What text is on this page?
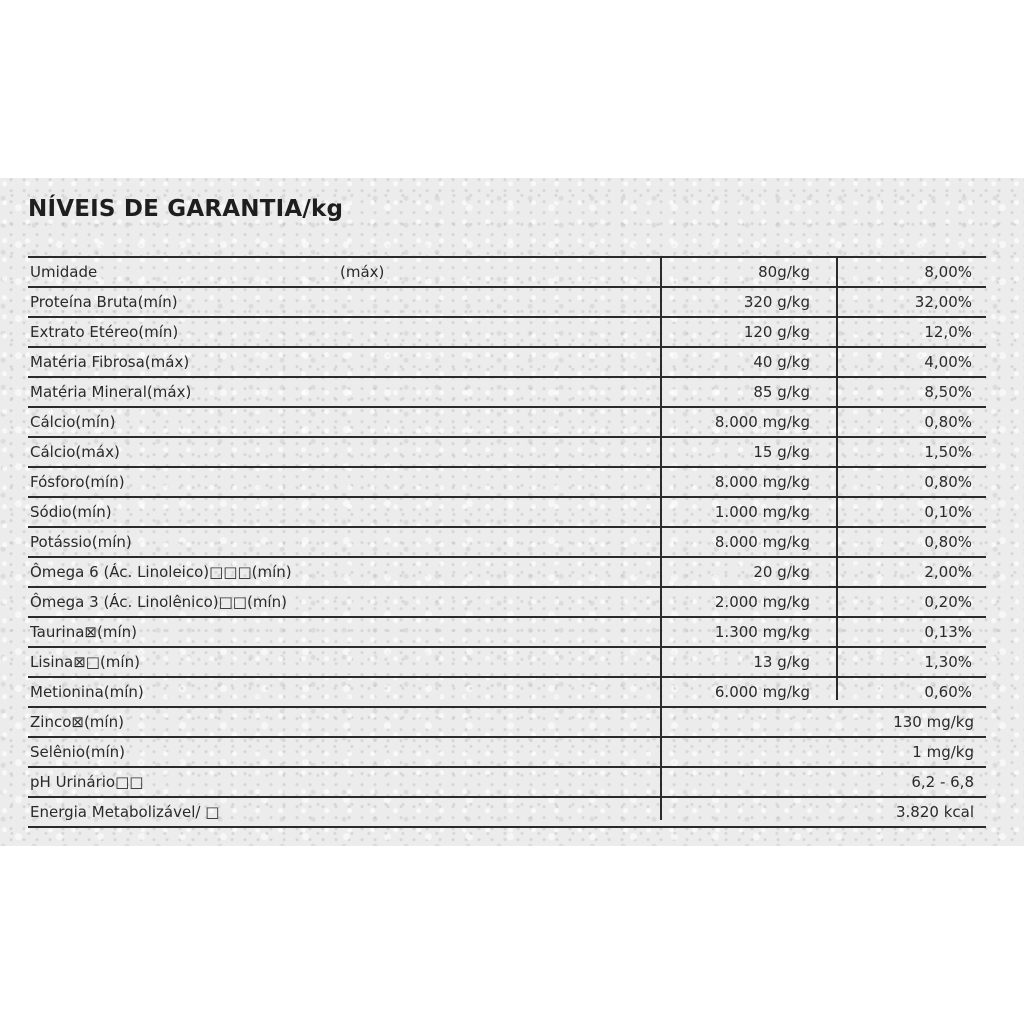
NÍVEIS DE GARANTIA/kg
Umidade	(máx)	80g/kg	8,00%
Proteína Bruta(mín)	320 g/kg	32,00%
Extrato Etéreo(mín)	120 g/kg	12,0%
Matéria Fibrosa(máx)	40 g/kg	4,00%
Matéria Mineral(máx)	85 g/kg	8,50%
Cálcio(mín)	8.000 mg/kg	0,80%
Cálcio(máx)	15 g/kg	1,50%
Fósforo(mín)	8.000 mg/kg	0,80%
Sódio(mín)	1.000 mg/kg	0,10%
Potássio(mín)	8.000 mg/kg	0,80%
Ômega 6 (Ác. Linoleico)□□□(mín)	20 g/kg	2,00%
Ômega 3 (Ác. Linolênico)□□(mín)	2.000 mg/kg	0,20%
Taurina⊠(mín)	1.300 mg/kg	0,13%
Lisina⊠□(mín)	13 g/kg	1,30%
Metionina(mín)	6.000 mg/kg	0,60%
Zinco⊠(mín)	130 mg/kg
Selênio(mín)	1 mg/kg
pH Urinário□□	6,2 - 6,8
Energia Metabolizável/ □	3.820 kcal
